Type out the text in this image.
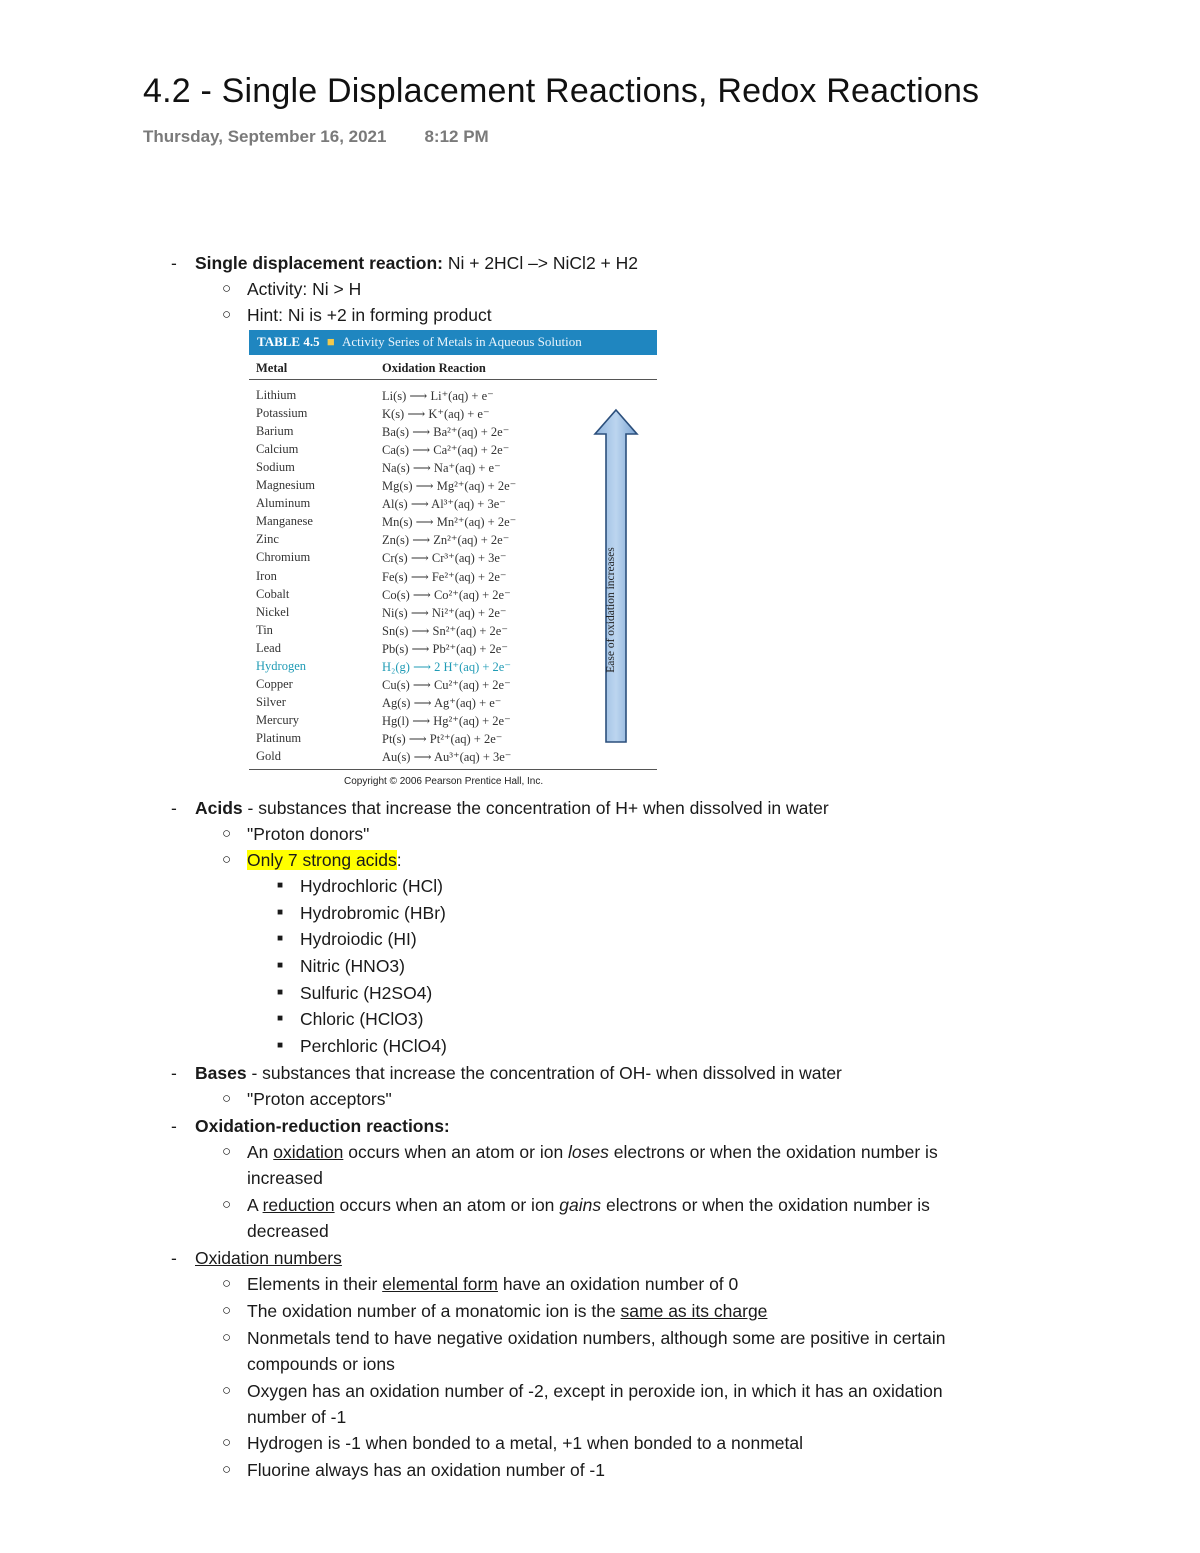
4.2 - Single Displacement Reactions, Redox Reactions
Thursday, September 16, 2021 8:12 PM
- Single displacement reaction: Ni + 2HCl –> NiCl2 + H2
○ Activity: Ni > H
○ Hint: Ni is +2 in forming product
- Acids - substances that increase the concentration of H+ when dissolved in water
○ "Proton donors"
○ Only 7 strong acids:
■ Hydrochloric (HCl)
■ Hydrobromic (HBr)
■ Hydroiodic (HI)
■ Nitric (HNO3)
■ Sulfuric (H2SO4)
■ Chloric (HClO3)
■ Perchloric (HClO4)
- Bases - substances that increase the concentration of OH- when dissolved in water
○ "Proton acceptors"
- Oxidation-reduction reactions:
○ An oxidation occurs when an atom or ion loses electrons or when the oxidation number is
increased
○ A reduction occurs when an atom or ion gains electrons or when the oxidation number is
decreased
- Oxidation numbers
○ Elements in their elemental form have an oxidation number of 0
○ The oxidation number of a monatomic ion is the same as its charge
○ Nonmetals tend to have negative oxidation numbers, although some are positive in certain
compounds or ions
○ Oxygen has an oxidation number of -2, except in peroxide ion, in which it has an oxidation
number of -1
○ Hydrogen is -1 when bonded to a metal, +1 when bonded to a nonmetal
○ Fluorine always has an oxidation number of -1
TABLE 4.5 ■ Activity Series of Metals in Aqueous Solution
Metal	Oxidation Reaction
Lithium	Li(s) ⟶ Li⁺(aq) + e⁻
Potassium	K(s) ⟶ K⁺(aq) + e⁻
Barium	Ba(s) ⟶ Ba²⁺(aq) + 2e⁻
Calcium	Ca(s) ⟶ Ca²⁺(aq) + 2e⁻
Sodium	Na(s) ⟶ Na⁺(aq) + e⁻
Magnesium	Mg(s) ⟶ Mg²⁺(aq) + 2e⁻
Aluminum	Al(s) ⟶ Al³⁺(aq) + 3e⁻
Manganese	Mn(s) ⟶ Mn²⁺(aq) + 2e⁻
Zinc	Zn(s) ⟶ Zn²⁺(aq) + 2e⁻
Chromium	Cr(s) ⟶ Cr³⁺(aq) + 3e⁻
Iron	Fe(s) ⟶ Fe²⁺(aq) + 2e⁻
Cobalt	Co(s) ⟶ Co²⁺(aq) + 2e⁻
Nickel	Ni(s) ⟶ Ni²⁺(aq) + 2e⁻
Tin	Sn(s) ⟶ Sn²⁺(aq) + 2e⁻
Lead	Pb(s) ⟶ Pb²⁺(aq) + 2e⁻
Hydrogen	H₂(g) ⟶ 2 H⁺(aq) + 2e⁻
Copper	Cu(s) ⟶ Cu²⁺(aq) + 2e⁻
Silver	Ag(s) ⟶ Ag⁺(aq) + e⁻
Mercury	Hg(l) ⟶ Hg²⁺(aq) + 2e⁻
Platinum	Pt(s) ⟶ Pt²⁺(aq) + 2e⁻
Gold	Au(s) ⟶ Au³⁺(aq) + 3e⁻
Ease of oxidation increases
Copyright © 2006 Pearson Prentice Hall, Inc.
